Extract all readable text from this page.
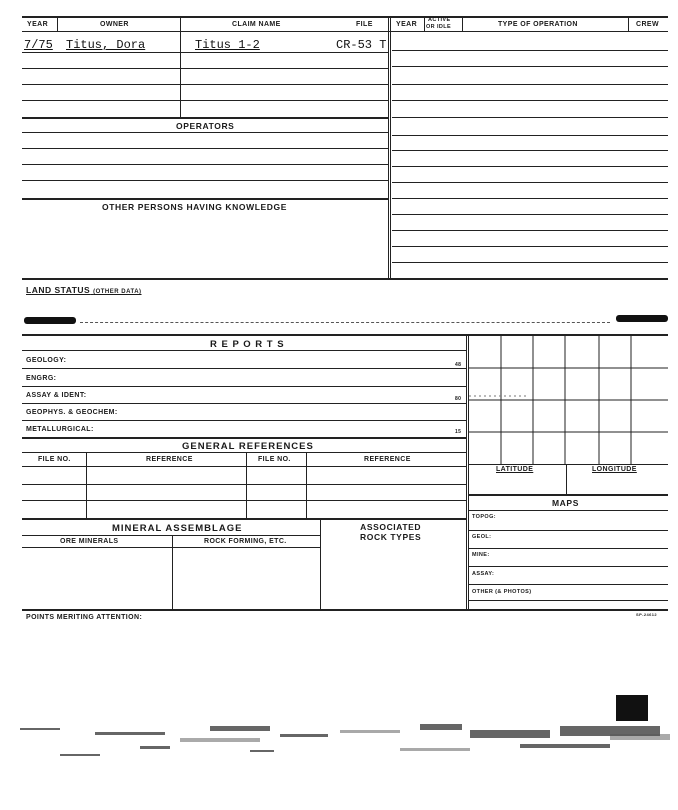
YEAR	OWNER	CLAIM NAME	FILE	YEAR
ACTIVE
OR IDLE	TYPE OF OPERATION	CREW
7/75 Titus, Dora	Titus 1-2	CR-53 T
OPERATORS
OTHER PERSONS HAVING KNOWLEDGE
LAND STATUS (OTHER DATA)
R E P O R T S
GEOLOGY:
48
ENGRG:
ASSAY & IDENT:	80
GEOPHYS. & GEOCHEM:
METALLURGICAL:	15
GENERAL REFERENCES
FILE NO.	REFERENCE	FILE NO.	REFERENCE
MINERAL ASSEMBLAGE	ASSOCIATED
ROCK TYPES
ORE MINERALS	ROCK FORMING, ETC.
LATITUDE	LONGITUDE
MAPS
TOPOG:
GEOL:
MINE:
ASSAY:
OTHER (& PHOTOS)
POINTS MERITING ATTENTION:	SP-24612
